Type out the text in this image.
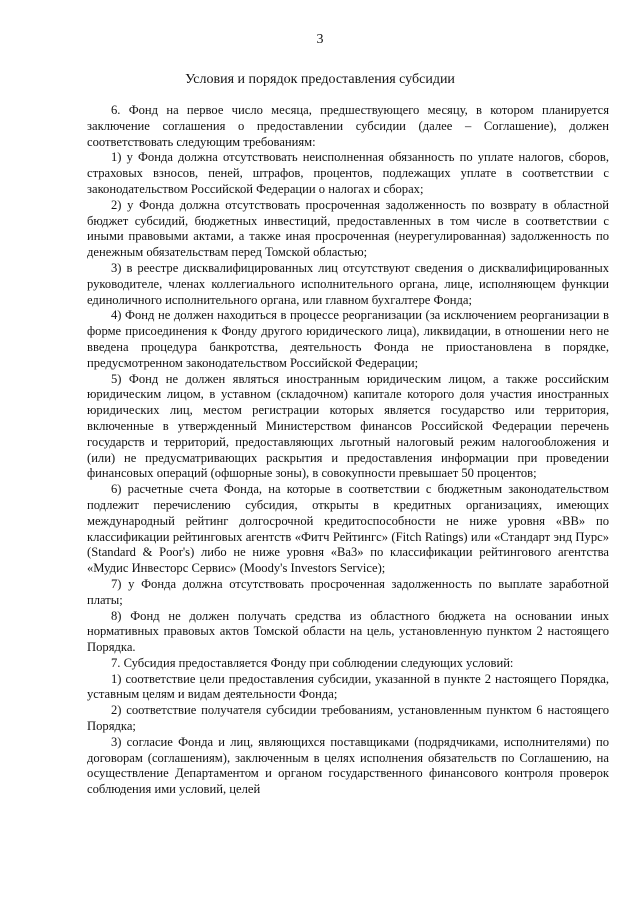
3
Условия и порядок предоставления субсидии

6. Фонд на первое число месяца, предшествующего месяцу, в котором планируется заключение соглашения о предоставлении субсидии (далее – Соглашение), должен соответствовать следующим требованиям:

1) у Фонда должна отсутствовать неисполненная обязанность по уплате налогов, сборов, страховых взносов, пеней, штрафов, процентов, подлежащих уплате в соответствии с законодательством Российской Федерации о налогах и сборах;

2) у Фонда должна отсутствовать просроченная задолженность по возврату в областной бюджет субсидий, бюджетных инвестиций, предоставленных в том числе в соответствии с иными правовыми актами, а также иная просроченная (неурегулированная) задолженность по денежным обязательствам перед Томской областью;

3) в реестре дисквалифицированных лиц отсутствуют сведения о дисквалифицированных руководителе, членах коллегиального исполнительного органа, лице, исполняющем функции единоличного исполнительного органа, или главном бухгалтере Фонда;

4) Фонд не должен находиться в процессе реорганизации (за исключением реорганизации в форме присоединения к Фонду другого юридического лица), ликвидации, в отношении него не введена процедура банкротства, деятельность Фонда не приостановлена в порядке, предусмотренном законодательством Российской Федерации;

5) Фонд не должен являться иностранным юридическим лицом, а также российским юридическим лицом, в уставном (складочном) капитале которого доля участия иностранных юридических лиц, местом регистрации которых является государство или территория, включенные в утвержденный Министерством финансов Российской Федерации перечень государств и территорий, предоставляющих льготный налоговый режим налогообложения и (или) не предусматривающих раскрытия и предоставления информации при проведении финансовых операций (офшорные зоны), в совокупности превышает 50 процентов;

6) расчетные счета Фонда, на которые в соответствии с бюджетным законодательством подлежит перечислению субсидия, открыты в кредитных организациях, имеющих международный рейтинг долгосрочной кредитоспособности не ниже уровня «ВВ» по классификации рейтинговых агентств «Фитч Рейтингс» (Fitch Ratings) или «Стандарт энд Пурс» (Standard & Poor's) либо не ниже уровня «Ва3» по классификации рейтингового агентства «Мудис Инвесторс Сервис» (Moody's Investors Service);

7) у Фонда должна отсутствовать просроченная задолженность по выплате заработной платы;

8) Фонд не должен получать средства из областного бюджета на основании иных нормативных правовых актов Томской области на цель, установленную пунктом 2 настоящего Порядка.

7. Субсидия предоставляется Фонду при соблюдении следующих условий:

1) соответствие цели предоставления субсидии, указанной в пункте 2 настоящего Порядка, уставным целям и видам деятельности Фонда;

2) соответствие получателя субсидии требованиям, установленным пунктом 6 настоящего Порядка;

3) согласие Фонда и лиц, являющихся поставщиками (подрядчиками, исполнителями) по договорам (соглашениям), заключенным в целях исполнения обязательств по Соглашению, на осуществление Департаментом и органом государственного финансового контроля проверок соблюдения ими условий, целей
